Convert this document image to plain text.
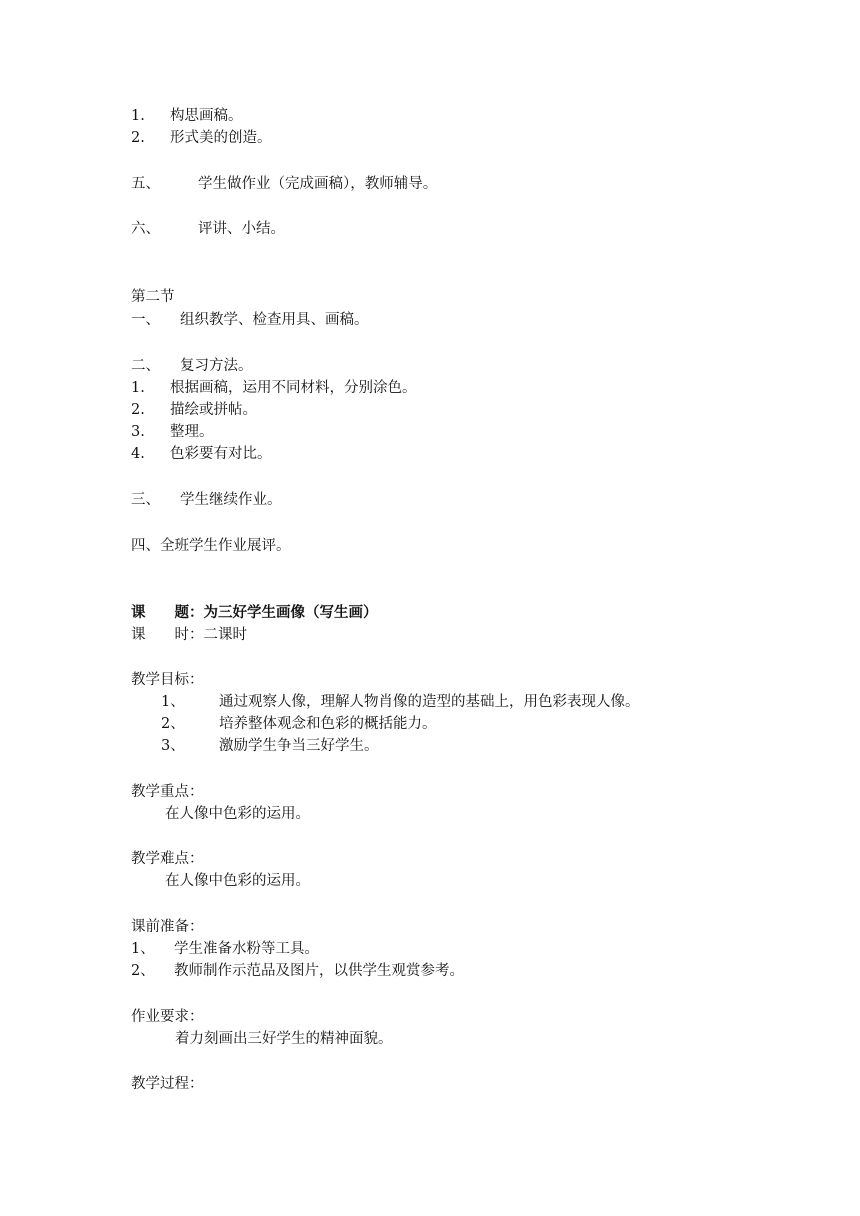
1. 构思画稿。
2. 形式美的创造。
五、	学生做作业（完成画稿），教师辅导。
六、	评讲、小结。
第二节
一、 组织教学、检查用具、画稿。
二、 复习方法。
1. 根据画稿，运用不同材料，分别涂色。
2. 描绘或拼帖。
3. 整理。
4. 色彩要有对比。
三、 学生继续作业。
四、全班学生作业展评。
课　　题：为三好学生画像（写生画）
课　　时：二课时
教学目标：
1、 通过观察人像，理解人物肖像的造型的基础上，用色彩表现人像。
2、 培养整体观念和色彩的概括能力。
3、 激励学生争当三好学生。
教学重点：
在人像中色彩的运用。
教学难点：
在人像中色彩的运用。
课前准备：
1、 学生准备水粉等工具。
2、 教师制作示范品及图片，以供学生观赏参考。
作业要求：
着力刻画出三好学生的精神面貌。
教学过程：
